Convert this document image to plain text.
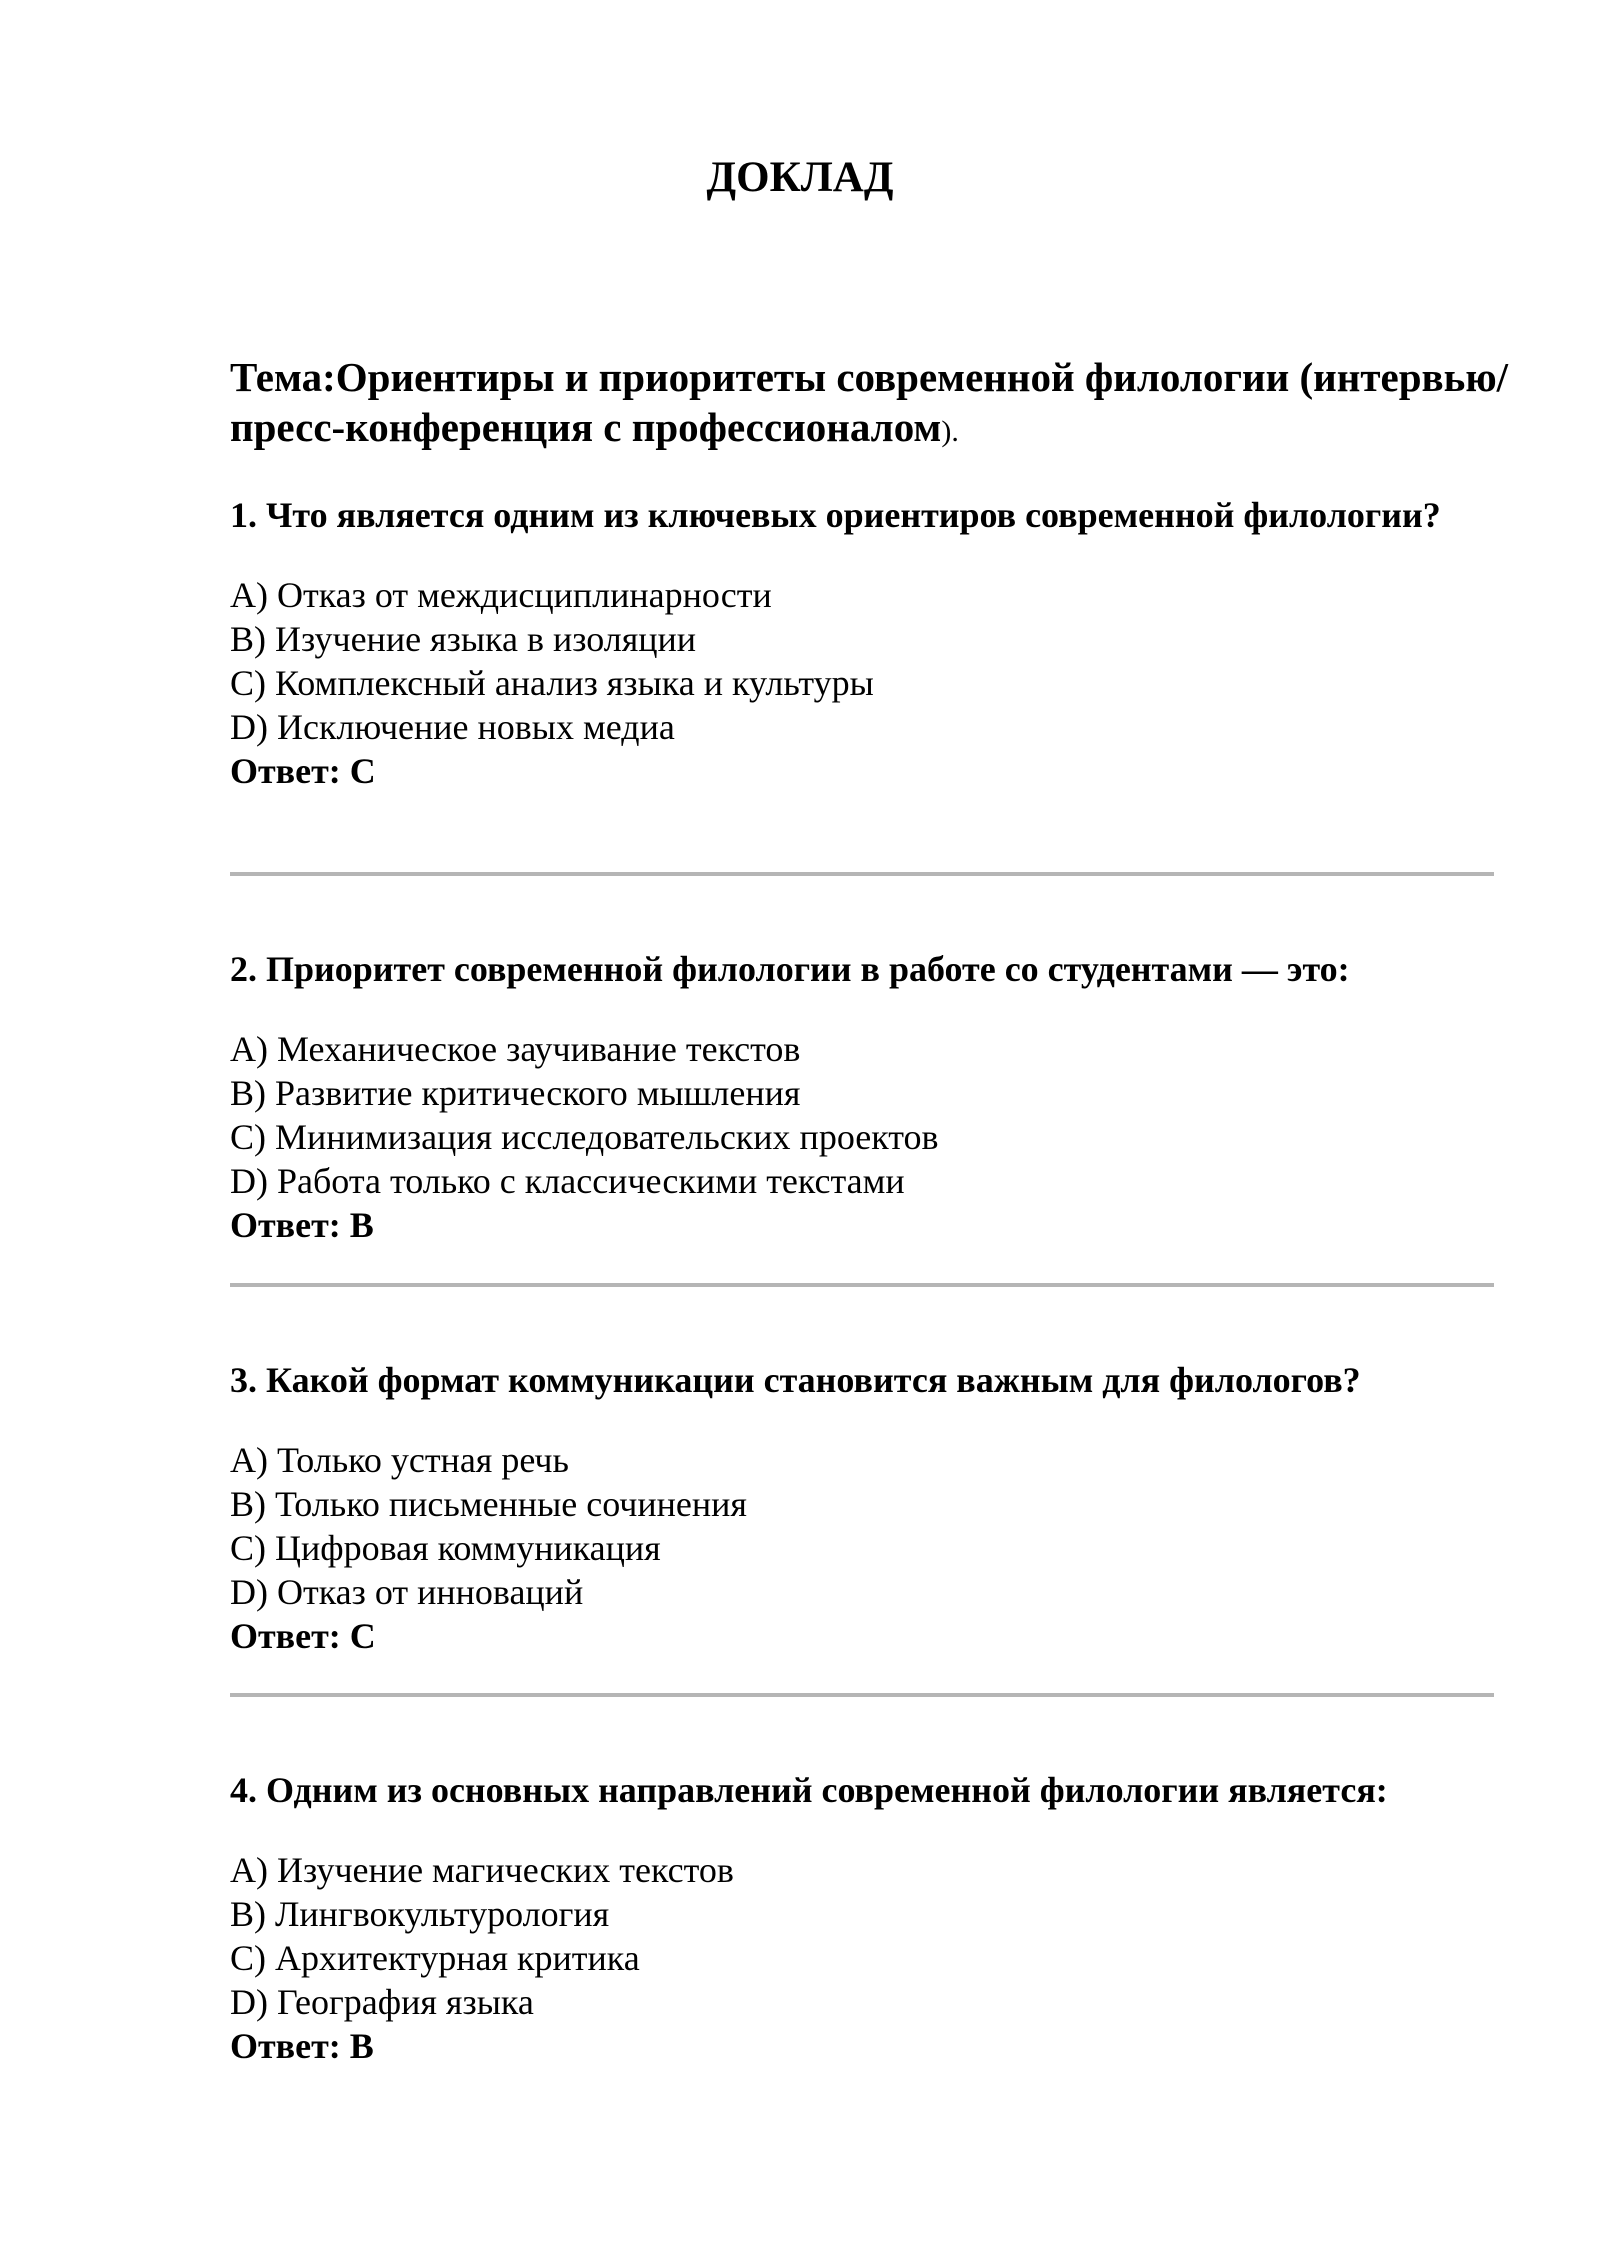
ДОКЛАД
Тема:Ориентиры и приоритеты современной филологии (интервью/ пресс-конференция с профессионалом).

1. Что является одним из ключевых ориентиров современной филологии?

A) Отказ от междисциплинарности
B) Изучение языка в изоляции
C) Комплексный анализ языка и культуры
D) Исключение новых медиа

Ответ: C

2. Приоритет современной филологии в работе со студентами — это:

A) Механическое заучивание текстов
B) Развитие критического мышления
C) Минимизация исследовательских проектов
D) Работа только с классическими текстами

Ответ: B

3. Какой формат коммуникации становится важным для филологов?

A) Только устная речь
B) Только письменные сочинения
C) Цифровая коммуникация
D) Отказ от инноваций

Ответ: C

4. Одним из основных направлений современной филологии является:

A) Изучение магических текстов
B) Лингвокультурология
C) Архитектурная критика
D) География языка

Ответ: B
